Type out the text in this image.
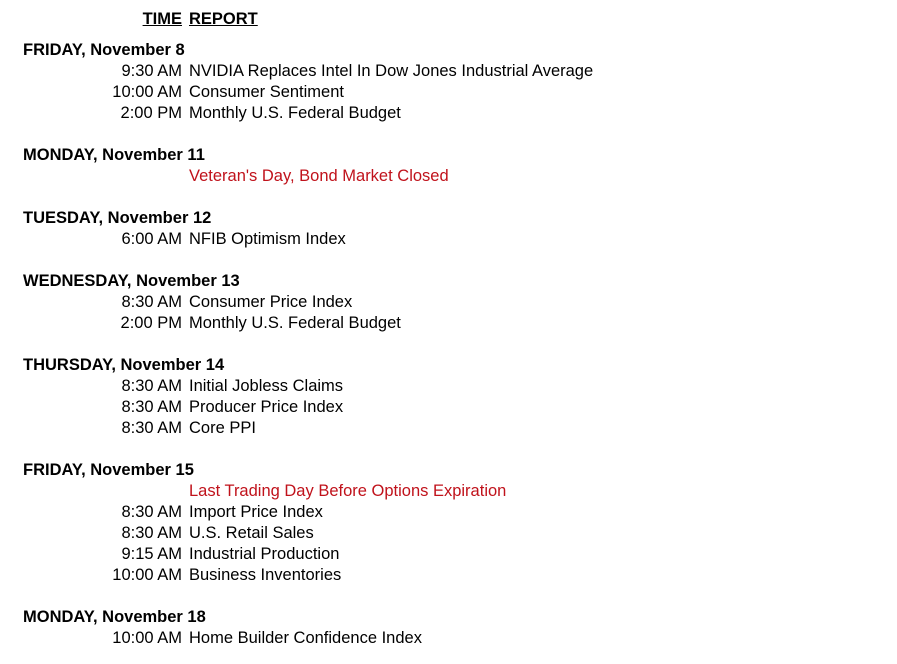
TIME REPORT
FRIDAY, November 8
9:30 AM NVIDIA Replaces Intel In Dow Jones Industrial Average
10:00 AM Consumer Sentiment
2:00 PM Monthly U.S. Federal Budget
MONDAY, November 11
Veteran's Day, Bond Market Closed
TUESDAY, November 12
6:00 AM NFIB Optimism Index
WEDNESDAY, November 13
8:30 AM Consumer Price Index
2:00 PM Monthly U.S. Federal Budget
THURSDAY, November 14
8:30 AM Initial Jobless Claims
8:30 AM Producer Price Index
8:30 AM Core PPI
FRIDAY, November 15
Last Trading Day Before Options Expiration
8:30 AM Import Price Index
8:30 AM U.S. Retail Sales
9:15 AM Industrial Production
10:00 AM Business Inventories
MONDAY, November 18
10:00 AM Home Builder Confidence Index
